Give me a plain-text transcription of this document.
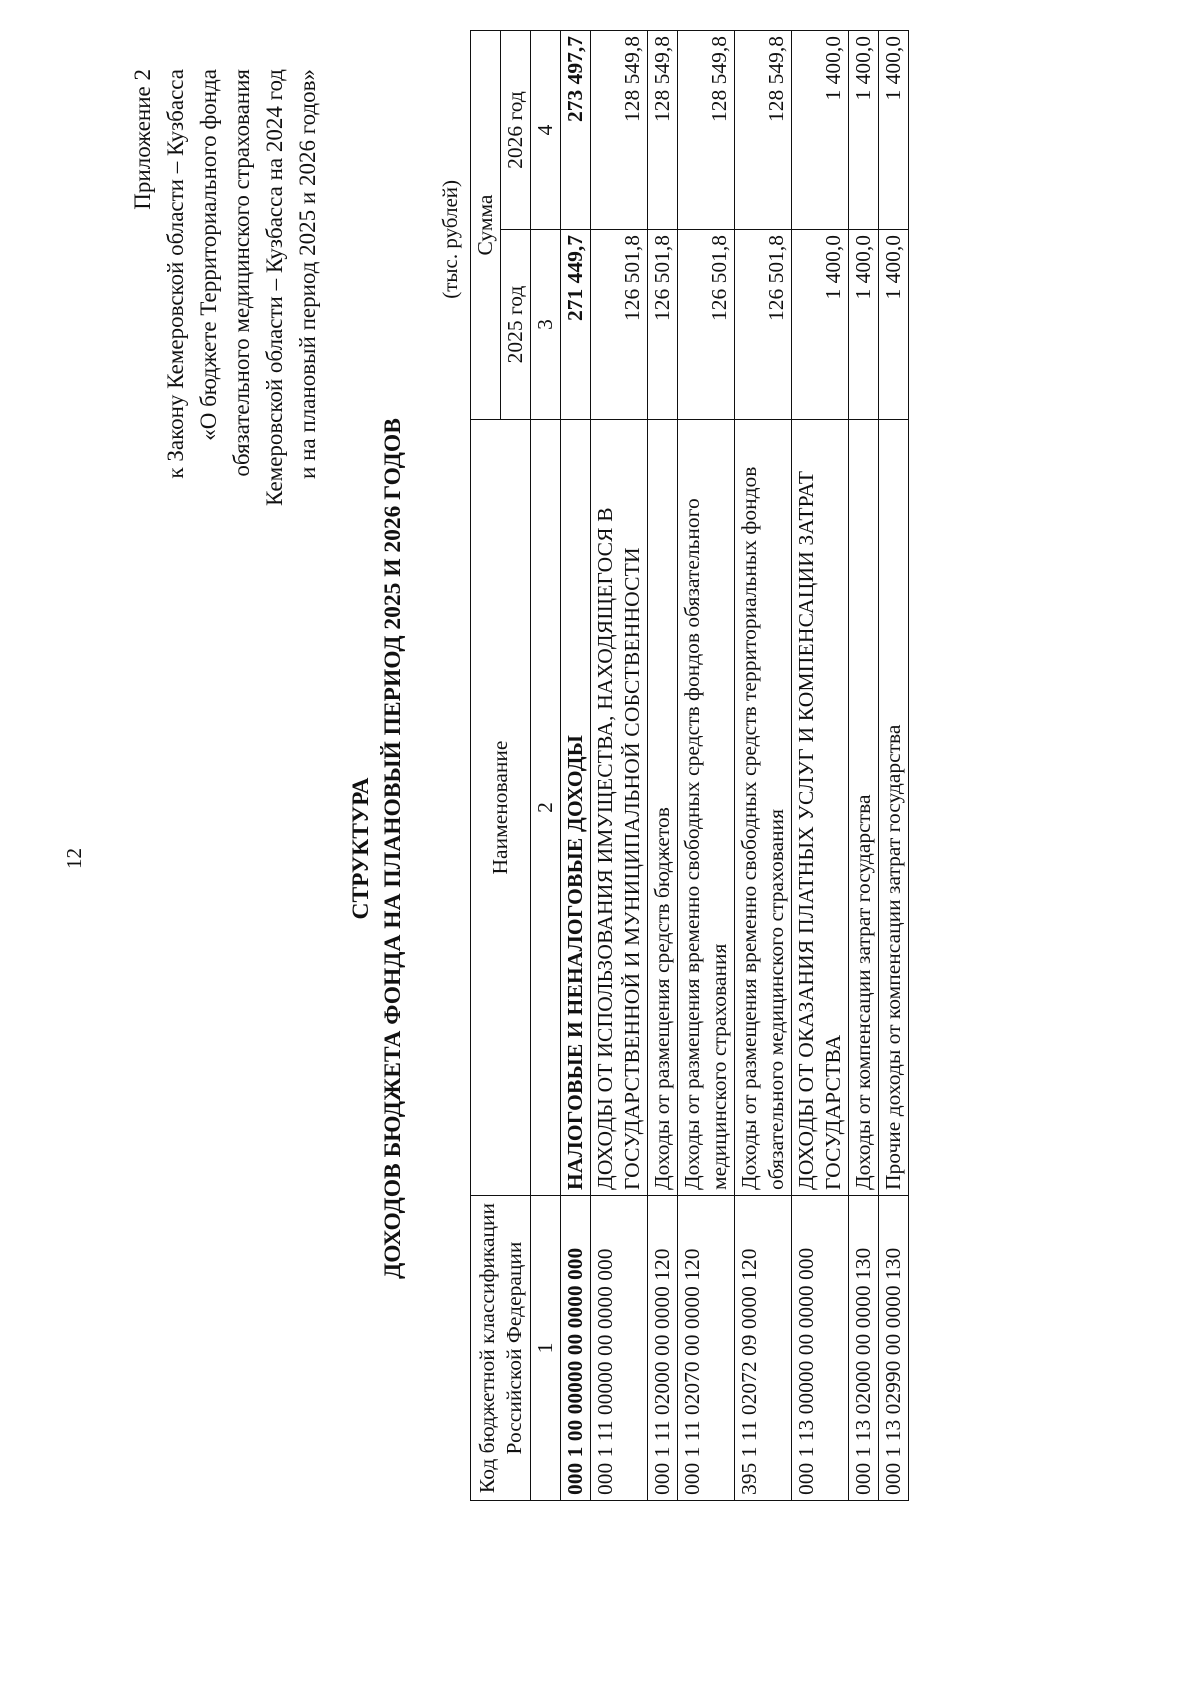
12
Приложение 2 к Закону Кемеровской области – Кузбасса «О бюджете Территориального фонда обязательного медицинского страхования Кемеровской области – Кузбасса на 2024 год и на плановый период 2025 и 2026 годов»
СТРУКТУРА ДОХОДОВ БЮДЖЕТА ФОНДА НА ПЛАНОВЫЙ ПЕРИОД 2025 И 2026 ГОДОВ
(тыс. рублей)
Код бюджетной классификации Российской Федерации	Наименование	Сумма	
		2025 год	2026 год
1	2	3	4
000 1 00 00000 00 0000 000	НАЛОГОВЫЕ И НЕНАЛОГОВЫЕ ДОХОДЫ	271 449,7	273 497,7
000 1 11 00000 00 0000 000	ДОХОДЫ ОТ ИСПОЛЬЗОВАНИЯ ИМУЩЕСТВА, НАХОДЯЩЕГОСЯ В ГОСУДАРСТВЕННОЙ И МУНИЦИПАЛЬНОЙ СОБСТВЕННОСТИ	126 501,8	128 549,8
000 1 11 02000 00 0000 120	Доходы от размещения средств бюджетов	126 501,8	128 549,8
000 1 11 02070 00 0000 120	Доходы от размещения временно свободных средств фондов обязательного медицинского страхования	126 501,8	128 549,8
395 1 11 02072 09 0000 120	Доходы от размещения временно свободных средств территориальных фондов обязательного медицинского страхования	126 501,8	128 549,8
000 1 13 00000 00 0000 000	ДОХОДЫ ОТ ОКАЗАНИЯ ПЛАТНЫХ УСЛУГ И КОМПЕНСАЦИИ ЗАТРАТ ГОСУДАРСТВА	1 400,0	1 400,0
000 1 13 02000 00 0000 130	Доходы от компенсации затрат государства	1 400,0	1 400,0
000 1 13 02990 00 0000 130	Прочие доходы от компенсации затрат государства	1 400,0	1 400,0
